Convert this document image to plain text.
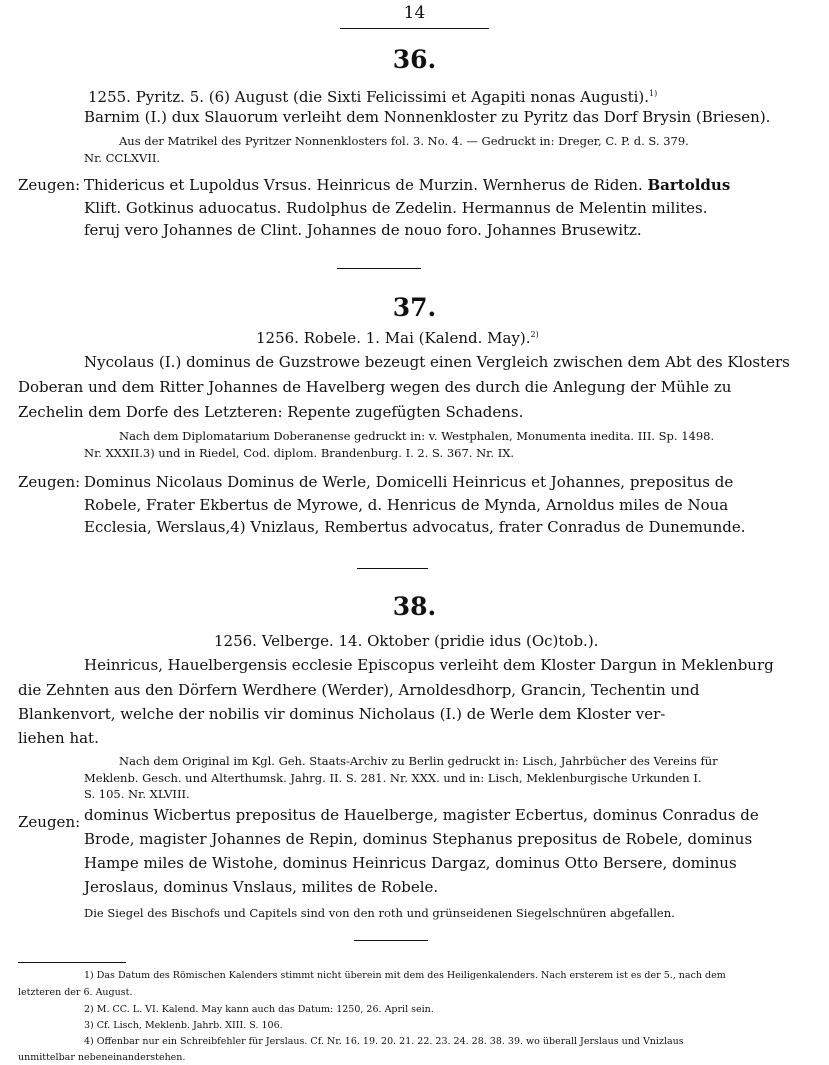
14
36.
1255. Pyritz. 5. (6) August (die Sixti Felicissimi et Agapiti nonas Augusti).$^{1)}$
Barnim (I.) dux Slauorum verleiht dem Nonnenkloster zu Pyritz das Dorf Brysin (Briesen).
Aus der Matrikel des Pyritzer Nonnenklosters fol. 3. No. 4. — Gedruckt in: Dreger, C. P. d. S. 379.
Nr. CCLXVII.
Zeugen: Thidericus et Lupoldus Vrsus. Heinricus de Murzin. Wernherus de Riden. Bartoldus
Klift. Gotkinus aduocatus. Rudolphus de Zedelin. Hermannus de Melentin milites.
feruj vero Johannes de Clint. Johannes de nouo foro. Johannes Brusewitz.
37.
1256. Robele. 1. Mai (Kalend. May).$^{2)}$
Nycolaus (I.) dominus de Guzstrowe bezeugt einen Vergleich zwischen dem Abt des Klosters
Doberan und dem Ritter Johannes de Havelberg wegen des durch die Anlegung der Mühle zu
Zechelin dem Dorfe des Letzteren: Repente zugefügten Schadens.
Nach dem Diplomatarium Doberanense gedruckt in: v. Westphalen, Monumenta inedita. III. Sp. 1498.
Nr. XXXII.3) und in Riedel, Cod. diplom. Brandenburg. I. 2. S. 367. Nr. IX.
Zeugen: Dominus Nicolaus Dominus de Werle, Domicelli Heinricus et Johannes, prepositus de
Robele, Frater Ekbertus de Myrowe, d. Henricus de Mynda, Arnoldus miles de Noua
Ecclesia, Werslaus,4) Vnizlaus, Rembertus advocatus, frater Conradus de Dunemunde.
38.
1256. Velberge. 14. Oktober (pridie idus (Oc)tob.).
Heinricus, Hauelbergensis ecclesie Episcopus verleiht dem Kloster Dargun in Meklenburg
die Zehnten aus den Dörfern Werdhere (Werder), Arnoldesdhorp, Grancin, Techentin und
Blankenvort, welche der nobilis vir dominus Nicholaus (I.) de Werle dem Kloster ver-
liehen hat.
Nach dem Original im Kgl. Geh. Staats-Archiv zu Berlin gedruckt in: Lisch, Jahrbücher des Vereins für
Meklenb. Gesch. und Alterthumsk. Jahrg. II. S. 281. Nr. XXX. und in: Lisch, Meklenburgische Urkunden I.
S. 105. Nr. XLVIII.
Zeugen: dominus Wicbertus prepositus de Hauelberge, magister Ecbertus, dominus Conradus de
Brode, magister Johannes de Repin, dominus Stephanus prepositus de Robele, dominus
Hampe miles de Wistohe, dominus Heinricus Dargaz, dominus Otto Bersere, dominus
Jeroslaus, dominus Vnslaus, milites de Robele.
Die Siegel des Bischofs und Capitels sind von den roth und grünseidenen Siegelschnüren abgefallen.
1) Das Datum des Römischen Kalenders stimmt nicht überein mit dem des Heiligenkalenders. Nach ersterem ist es der 5., nach dem
letzteren der 6. August.
2) M. CC. L. VI. Kalend. May kann auch das Datum: 1250, 26. April sein.
3) Cf. Lisch, Meklenb. Jahrb. XIII. S. 106.
4) Offenbar nur ein Schreibfehler für Jerslaus. Cf. Nr. 16. 19. 20. 21. 22. 23. 24. 28. 38. 39. wo überall Jerslaus und Vnizlaus
unmittelbar nebeneinanderstehen.
